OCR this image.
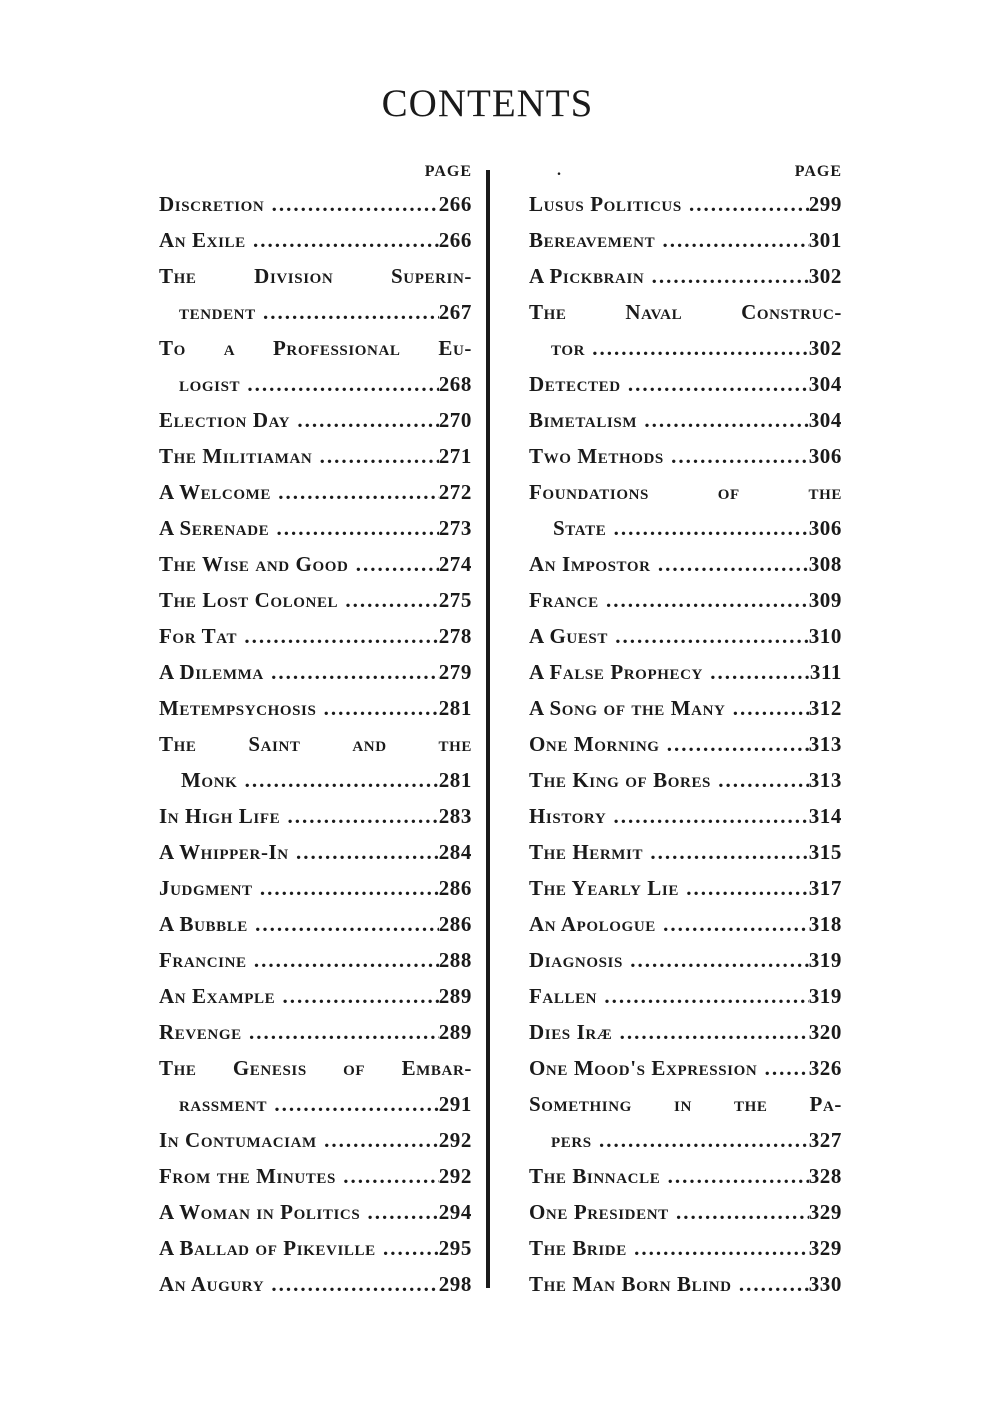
CONTENTS
PAGE
Discretion .....	266
An Exile .....	266
The Division Superin-
tendent .....	267
To a Professional Eu-
logist .....	268
Election Day .....	270
The Militiaman .....	271
A Welcome .....	272
A Serenade .....	273
The Wise and Good .....	274
The Lost Colonel .....	275
For Tat .....	278
A Dilemma .....	279
Metempsychosis .....	281
The Saint and the
Monk .....	281
In High Life .....	283
A Whipper-In .....	284
Judgment .....	286
A Bubble .....	286
Francine .....	288
An Example .....	289
Revenge .....	289
The Genesis of Embar-
rassment .....	291
In Contumaciam .....	292
From the Minutes .....	292
A Woman in Politics .....	294
A Ballad of Pikeville .....	295
An Augury .....	298
.	PAGE
Lusus Politicus .....	299
Bereavement .....	301
A Pickbrain .....	302
The Naval Construc-
tor .....	302
Detected .....	304
Bimetalism .....	304
Two Methods .....	306
Foundations of the
State .....	306
An Impostor .....	308
France .....	309
A Guest .....	310
A False Prophecy .....	311
A Song of the Many .....	312
One Morning .....	313
The King of Bores .....	313
History .....	314
The Hermit .....	315
The Yearly Lie .....	317
An Apologue .....	318
Diagnosis .....	319
Fallen .....	319
Dies Iræ .....	320
One Mood's Expression ..... 326
Something in the Pa-
pers .....	327
The Binnacle .....	328
One President .....	329
The Bride .....	329
The Man Born Blind .....	330
